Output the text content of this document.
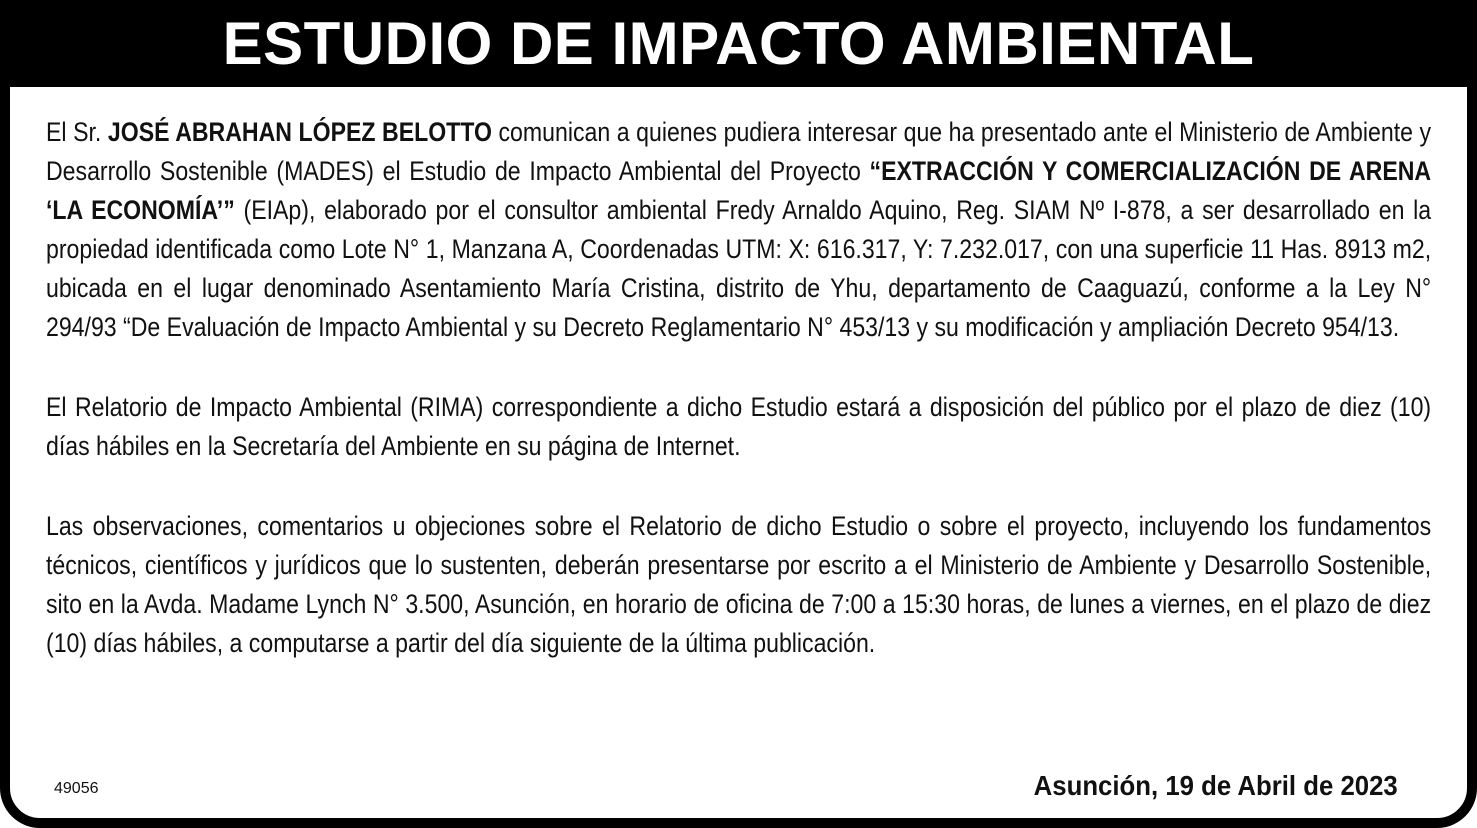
ESTUDIO DE IMPACTO AMBIENTAL

El Sr. JOSÉ ABRAHAN LÓPEZ BELOTTO comunican a quienes pudiera interesar que ha presentado ante el Ministerio de Ambiente y Desarrollo Sostenible (MADES) el Estudio de Impacto Ambiental del Proyecto “EXTRACCIÓN Y COMERCIALIZACIÓN DE ARENA ‘LA ECONOMÍA’” (EIAp), elaborado por el consultor ambiental Fredy Arnaldo Aquino, Reg. SIAM Nº I-878, a ser desarrollado en la propiedad identificada como Lote N° 1, Manzana A, Coordenadas UTM: X: 616.317, Y: 7.232.017, con una superficie 11 Has. 8913 m2, ubicada en el lugar denominado Asentamiento María Cristina, distrito de Yhu, departamento de Caaguazú, conforme a la Ley N° 294/93 “De Evaluación de Impacto Ambiental y su Decreto Reglamentario N° 453/13 y su modificación y ampliación Decreto 954/13.

El Relatorio de Impacto Ambiental (RIMA) correspondiente a dicho Estudio estará a disposición del público por el plazo de diez (10) días hábiles en la Secretaría del Ambiente en su página de Internet.

Las observaciones, comentarios u objeciones sobre el Relatorio de dicho Estudio o sobre el proyecto, incluyendo los fundamentos técnicos, científicos y jurídicos que lo sustenten, deberán presentarse por escrito a el Ministerio de Ambiente y Desarrollo Sostenible, sito en la Avda. Madame Lynch N° 3.500, Asunción, en horario de oficina de 7:00 a 15:30 horas, de lunes a viernes, en el plazo de diez (10) días hábiles, a computarse a partir del día siguiente de la última publicación.

49056	Asunción, 19 de Abril de 2023
